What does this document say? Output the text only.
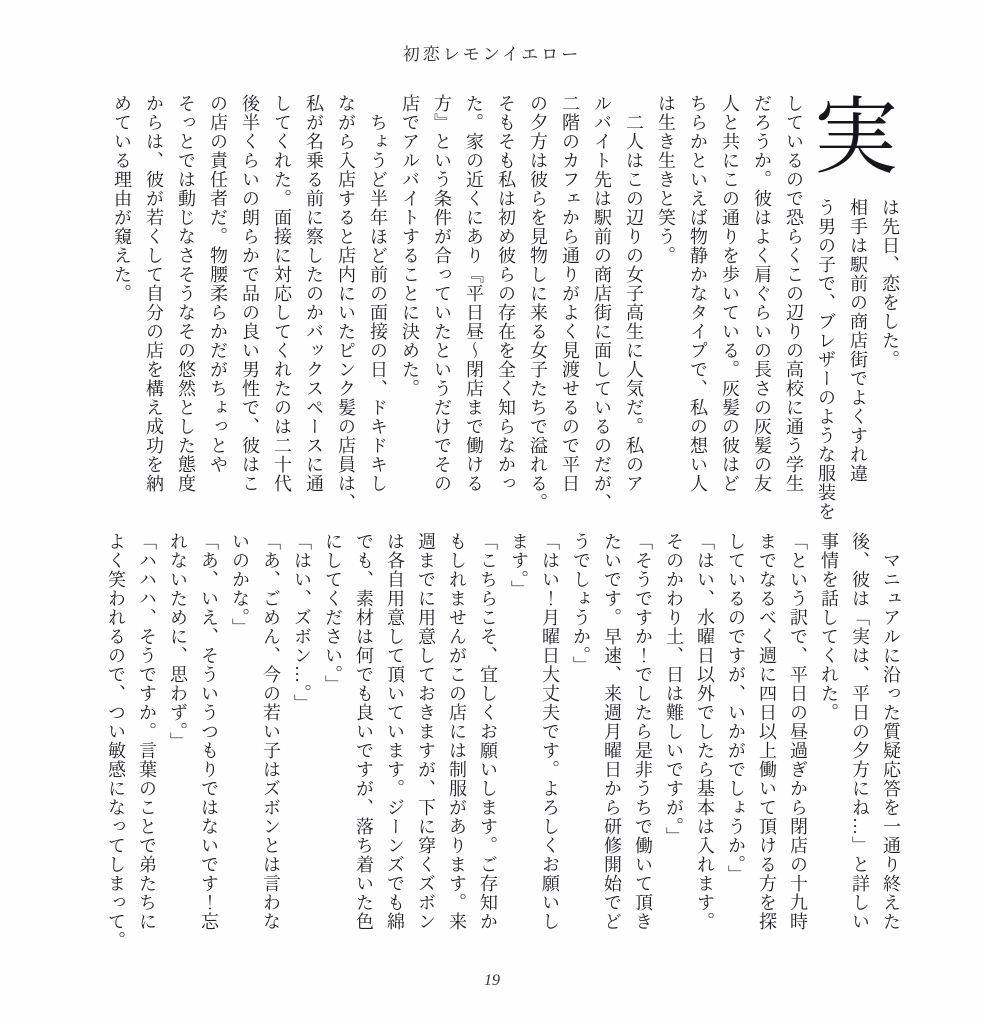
初恋レモンイエロー
実
は先日、恋をした。
相手は駅前の商店街でよくすれ違
う男の子で、ブレザーのような服装を
しているので恐らくこの辺りの高校に通う学生
だろうか。彼はよく肩ぐらいの長さの灰髪の友
人と共にこの通りを歩いている。灰髪の彼はど
ちらかといえば物静かなタイプで、私の想い人
は生き生きと笑う。
　二人はこの辺りの女子高生に人気だ。私のア
ルバイト先は駅前の商店街に面しているのだが、
二階のカフェから通りがよく見渡せるので平日
の夕方は彼らを見物しに来る女子たちで溢れる。
そもそも私は初め彼らの存在を全く知らなかっ
た。家の近くにあり『平日昼〜閉店まで働ける
方』という条件が合っていたというだけでその
店でアルバイトすることに決めた。
　ちょうど半年ほど前の面接の日、ドキドキし
ながら入店すると店内にいたピンク髪の店員は、
私が名乗る前に察したのかバックスペースに通
してくれた。面接に対応してくれたのは二十代
後半くらいの朗らかで品の良い男性で、彼はこ
の店の責任者だ。物腰柔らかだがちょっとや
そっとでは動じなさそうなその悠然とした態度
からは、彼が若くして自分の店を構え成功を納
めている理由が窺えた。
　マニュアルに沿った質疑応答を一通り終えた
後、彼は「実は、平日の夕方にね…」と詳しい
事情を話してくれた。
「という訳で、平日の昼過ぎから閉店の十九時
までなるべく週に四日以上働いて頂ける方を探
しているのですが、いかがでしょうか。」
「はい、水曜日以外でしたら基本は入れます。
そのかわり土、日は難しいですが。」
「そうですか！でしたら是非うちで働いて頂き
たいです。早速、来週月曜日から研修開始でど
うでしょうか。」
「はい！月曜日大丈夫です。よろしくお願いし
ます。」
「こちらこそ、宜しくお願いします。ご存知か
もしれませんがこの店には制服があります。来
週までに用意しておきますが、下に穿くズボン
は各自用意して頂いています。ジーンズでも綿
でも、素材は何でも良いですが、落ち着いた色
にしてください。」
「はい、ズボン…。」
「あ、ごめん、今の若い子はズボンとは言わな
いのかな。」
「あ、いえ、そういうつもりではないです！忘
れないために、思わず。」
「ハハハ、そうですか。言葉のことで弟たちに
よく笑われるので、つい敏感になってしまって。
19
